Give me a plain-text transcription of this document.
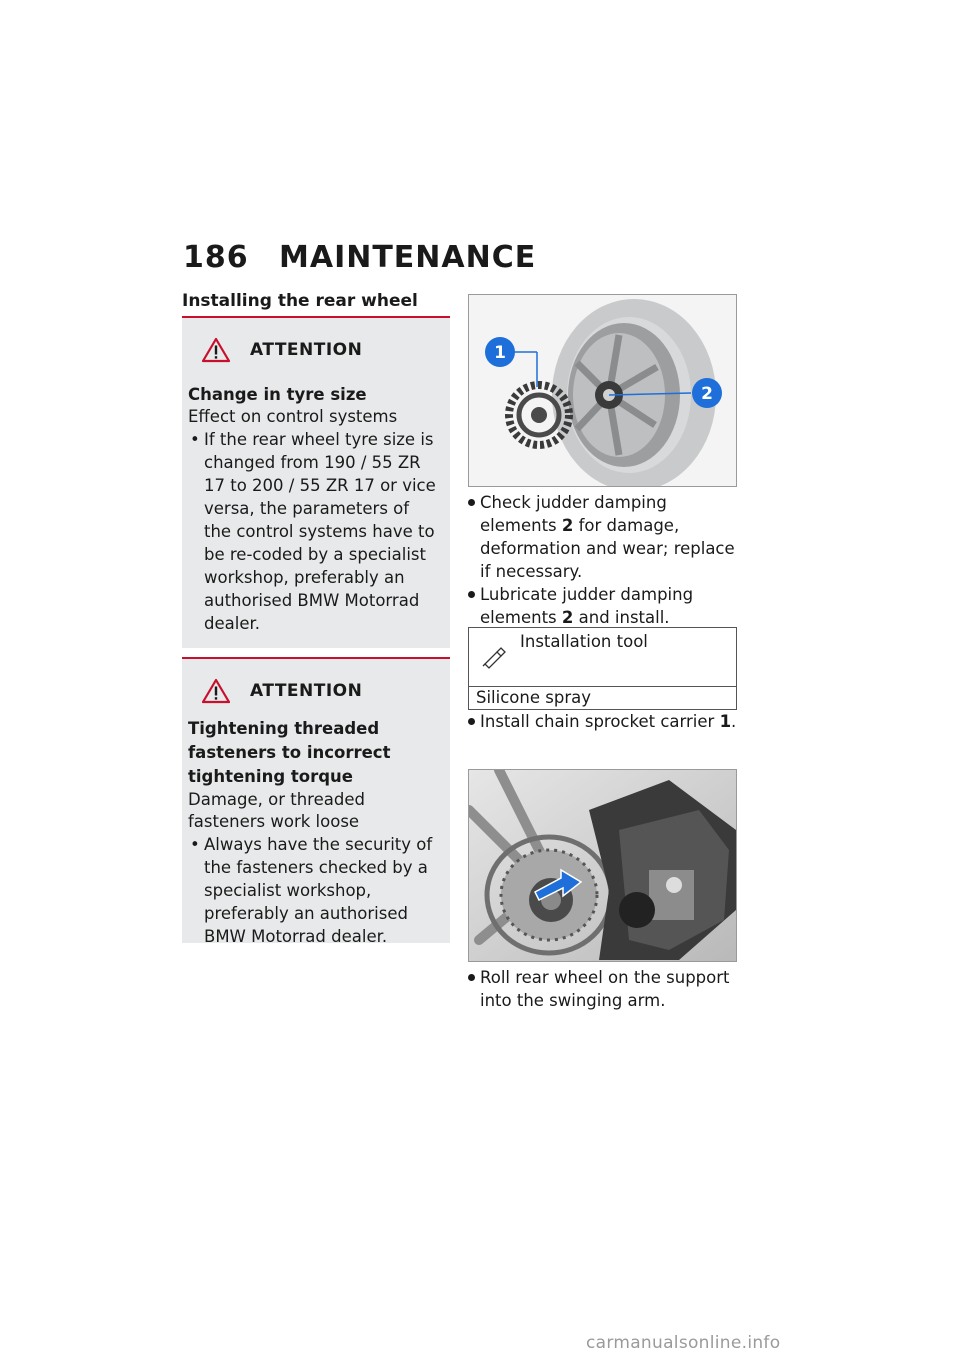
186 MAINTENANCE
Installing the rear wheel
ATTENTION
Change in tyre size
Effect on control systems
• If the rear wheel tyre size is changed from 190 / 55 ZR 17 to 200 / 55 ZR 17 or vice versa, the parameters of the control systems have to be re-coded by a specialist workshop, preferably an authorised BMW Motorrad dealer.
ATTENTION
Tightening threaded fasteners to incorrect tightening torque
Damage, or threaded fasteners work loose
• Always have the security of the fasteners checked by a specialist workshop, preferably an authorised BMW Motorrad dealer.
1
2
Check judder damping elements 2 for damage, deformation and wear; replace if necessary.
Lubricate judder damping elements 2 and install.
Installation tool
Silicone spray
Install chain sprocket carrier 1.
Roll rear wheel on the support into the swinging arm.
carmanualsonline.info
